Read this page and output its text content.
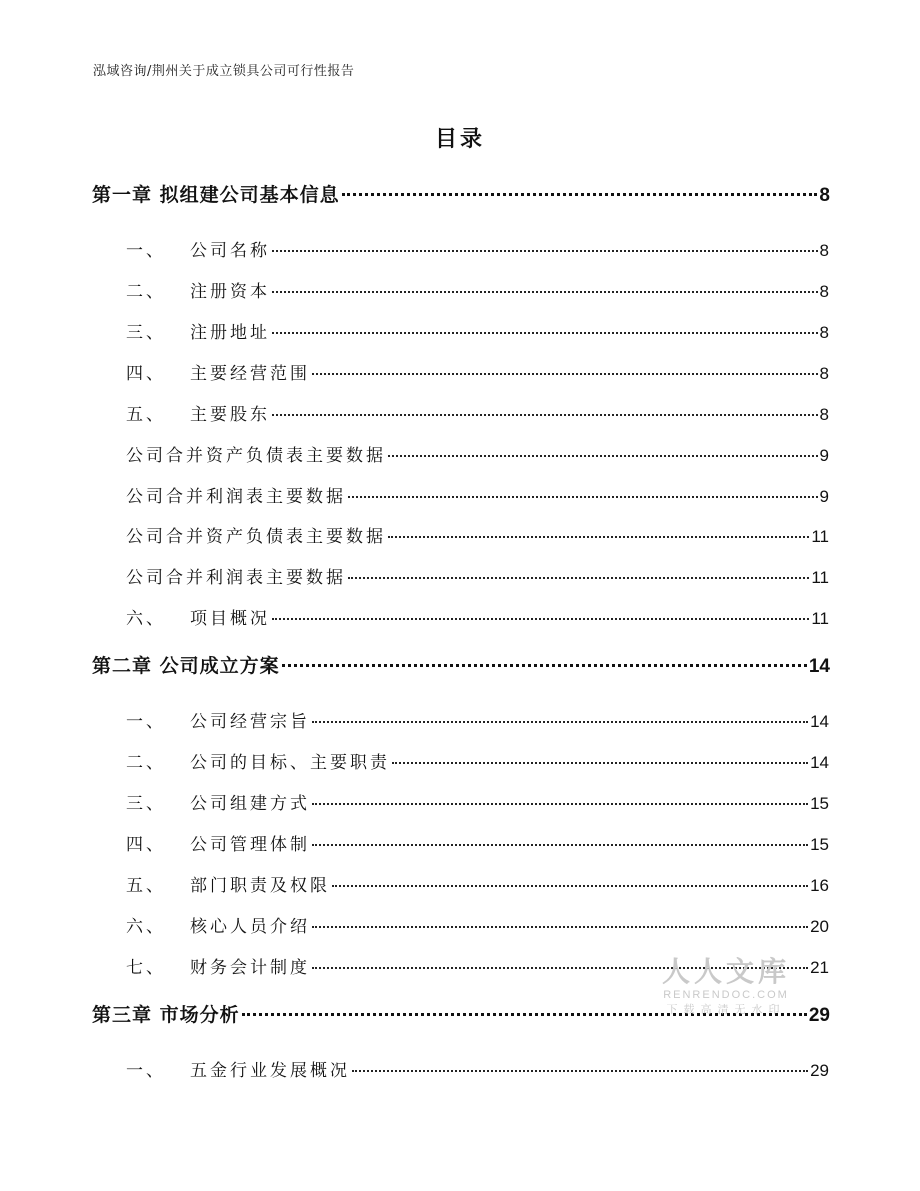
泓域咨询/荆州关于成立锁具公司可行性报告
目录
第一章 拟组建公司基本信息	8
一、 公司名称	8
二、 注册资本	8
三、 注册地址	8
四、 主要经营范围	8
五、 主要股东	8
公司合并资产负债表主要数据	9
公司合并利润表主要数据	9
公司合并资产负债表主要数据	11
公司合并利润表主要数据	11
六、 项目概况	11
第二章 公司成立方案	14
一、 公司经营宗旨	14
二、 公司的目标、主要职责	14
三、 公司组建方式	15
四、 公司管理体制	15
五、 部门职责及权限	16
六、 核心人员介绍	20
七、 财务会计制度	21
第三章 市场分析	29
一、 五金行业发展概况	29
人人文库
RENRENDOC.COM
下载高清无水印
